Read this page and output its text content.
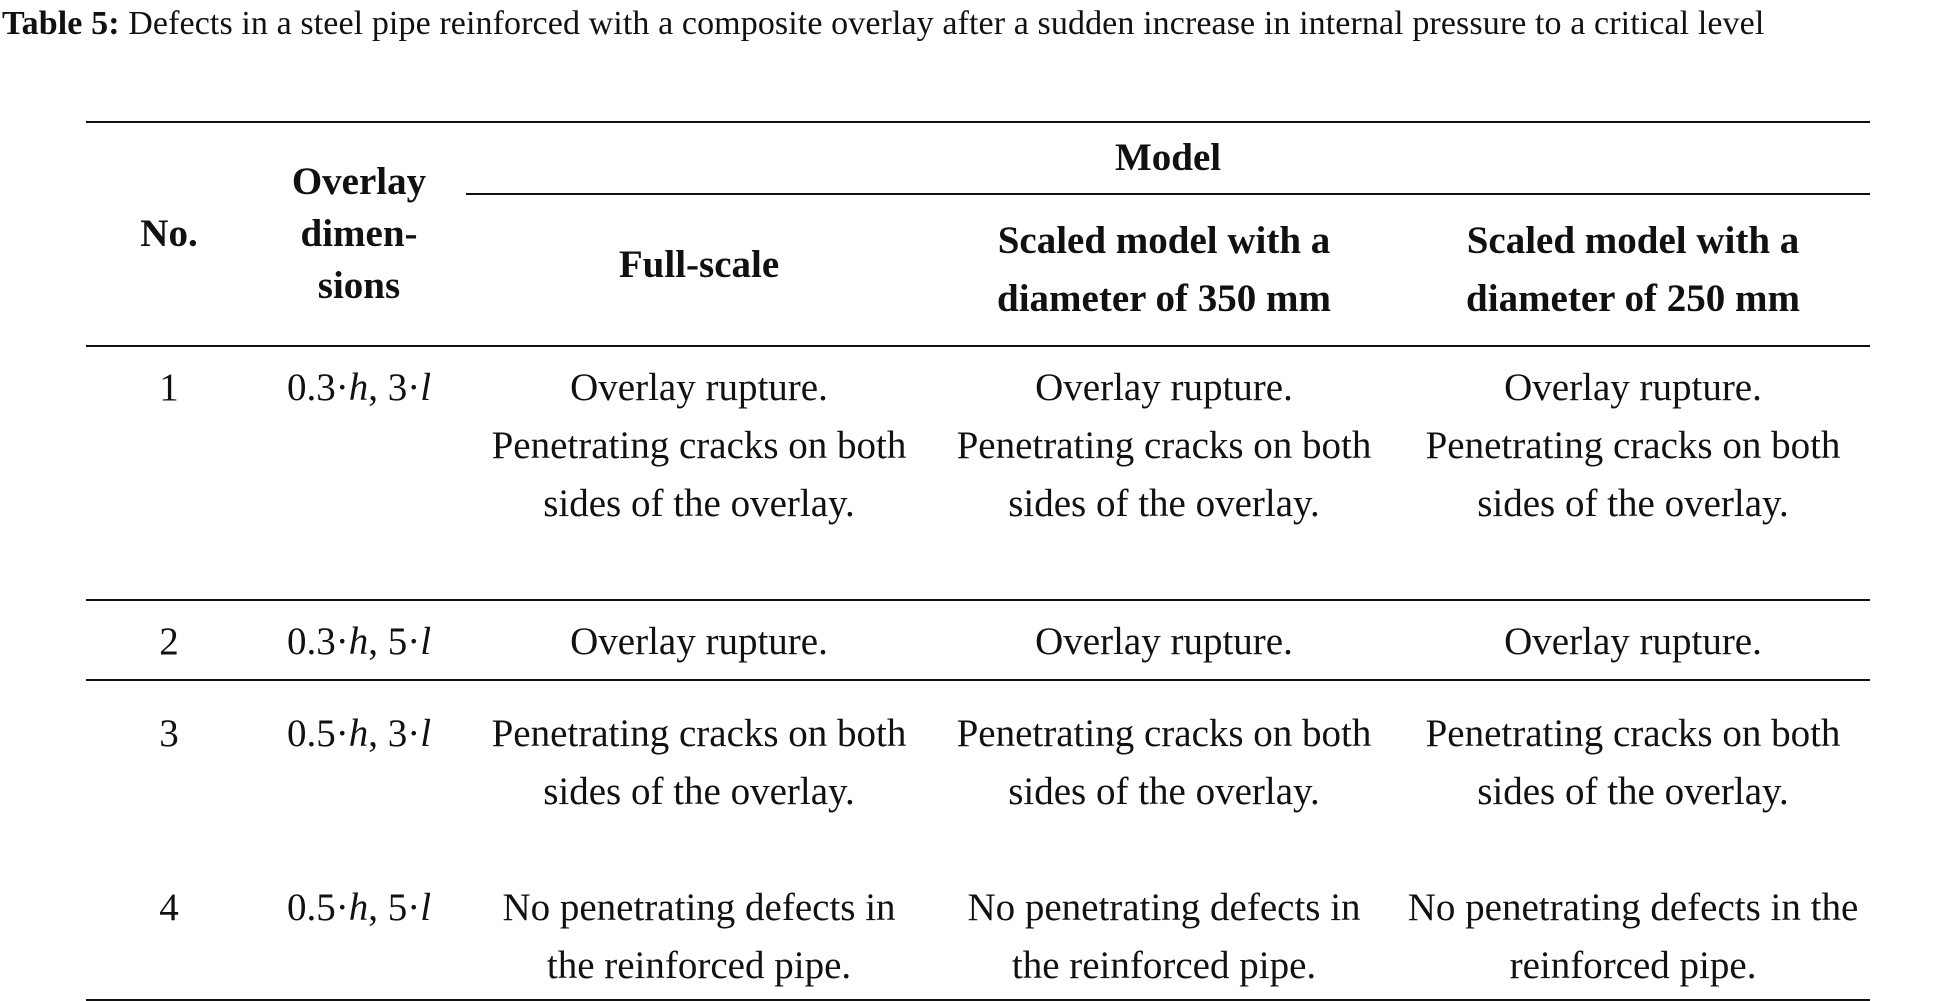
Table 5: Defects in a steel pipe reinforced with a composite overlay after a sudden increase in internal pressure to a critical level
No.	Overlay dimen- sions	Model		
		Full-scale	Scaled model with a diameter of 350 mm	Scaled model with a diameter of 250 mm
1	0.3·h, 3·l	Overlay rupture. Penetrating cracks on both sides of the overlay.	Overlay rupture. Penetrating cracks on both sides of the overlay.	Overlay rupture. Penetrating cracks on both sides of the overlay.
2	0.3·h, 5·l	Overlay rupture.	Overlay rupture.	Overlay rupture.
3	0.5·h, 3·l	Penetrating cracks on both sides of the overlay.	Penetrating cracks on both sides of the overlay.	Penetrating cracks on both sides of the overlay.
4	0.5·h, 5·l	No penetrating defects in the reinforced pipe.	No penetrating defects in the reinforced pipe.	No penetrating defects in the reinforced pipe.
